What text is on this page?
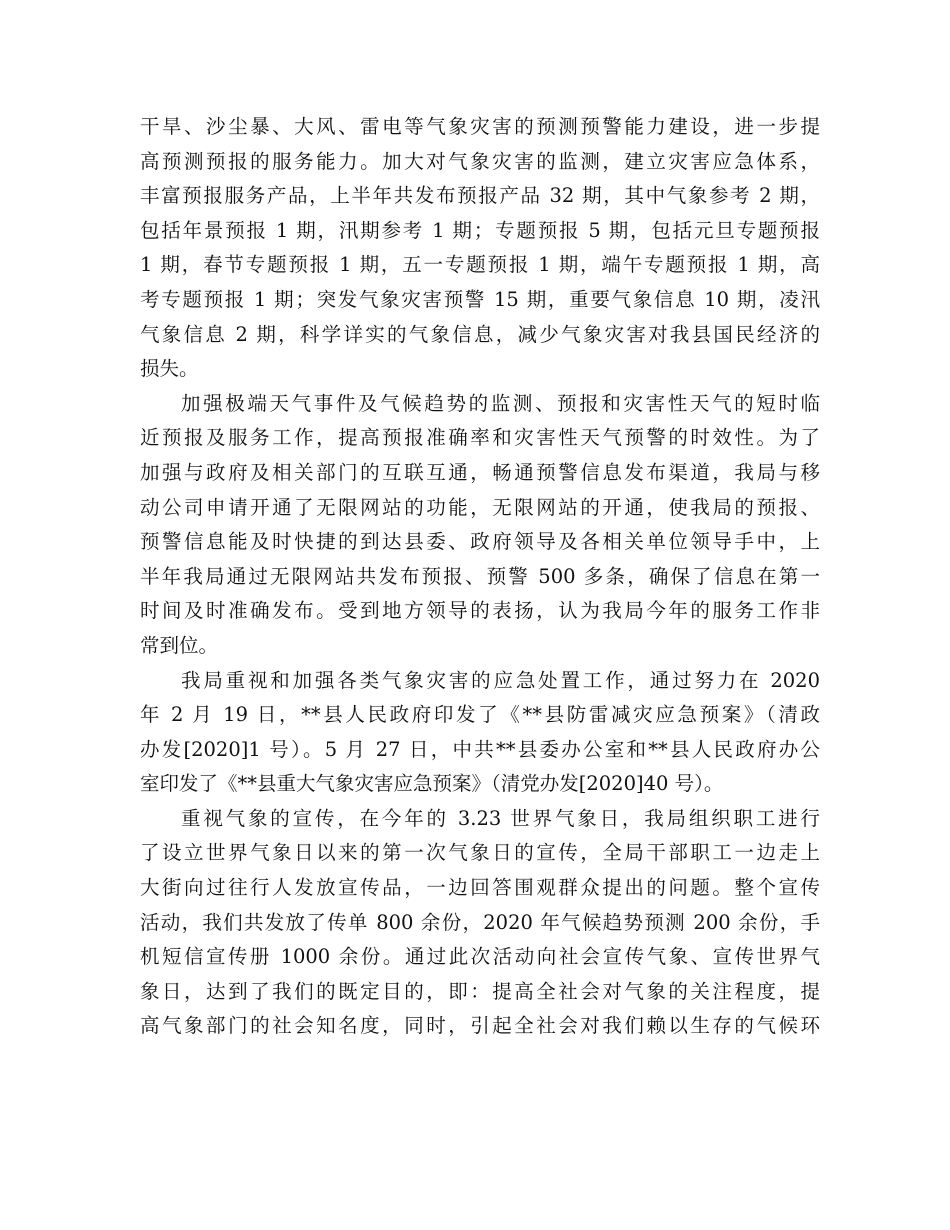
干旱、沙尘暴、大风、雷电等气象灾害的预测预警能力建设，进一步提
高预测预报的服务能力。加大对气象灾害的监测，建立灾害应急体系，
丰富预报服务产品，上半年共发布预报产品 32 期，其中气象参考 2 期，
包括年景预报 1 期，汛期参考 1 期；专题预报 5 期，包括元旦专题预报
1 期，春节专题预报 1 期，五一专题预报 1 期，端午专题预报 1 期，高
考专题预报 1 期；突发气象灾害预警 15 期，重要气象信息 10 期，凌汛
气象信息 2 期，科学详实的气象信息，减少气象灾害对我县国民经济的
损失。
加强极端天气事件及气候趋势的监测、预报和灾害性天气的短时临
近预报及服务工作，提高预报准确率和灾害性天气预警的时效性。为了
加强与政府及相关部门的互联互通，畅通预警信息发布渠道，我局与移
动公司申请开通了无限网站的功能，无限网站的开通，使我局的预报、
预警信息能及时快捷的到达县委、政府领导及各相关单位领导手中，上
半年我局通过无限网站共发布预报、预警 500 多条，确保了信息在第一
时间及时准确发布。受到地方领导的表扬，认为我局今年的服务工作非
常到位。
我局重视和加强各类气象灾害的应急处置工作，通过努力在 2020
年 2 月 19 日，**县人民政府印发了《**县防雷减灾应急预案》（清政
办发[2020]1 号）。5 月 27 日，中共**县委办公室和**县人民政府办公
室印发了《**县重大气象灾害应急预案》（清党办发[2020]40 号）。
重视气象的宣传，在今年的 3.23 世界气象日，我局组织职工进行
了设立世界气象日以来的第一次气象日的宣传，全局干部职工一边走上
大街向过往行人发放宣传品，一边回答围观群众提出的问题。整个宣传
活动，我们共发放了传单 800 余份，2020 年气候趋势预测 200 余份，手
机短信宣传册 1000 余份。通过此次活动向社会宣传气象、宣传世界气
象日，达到了我们的既定目的，即：提高全社会对气象的关注程度，提
高气象部门的社会知名度，同时，引起全社会对我们赖以生存的气候环
